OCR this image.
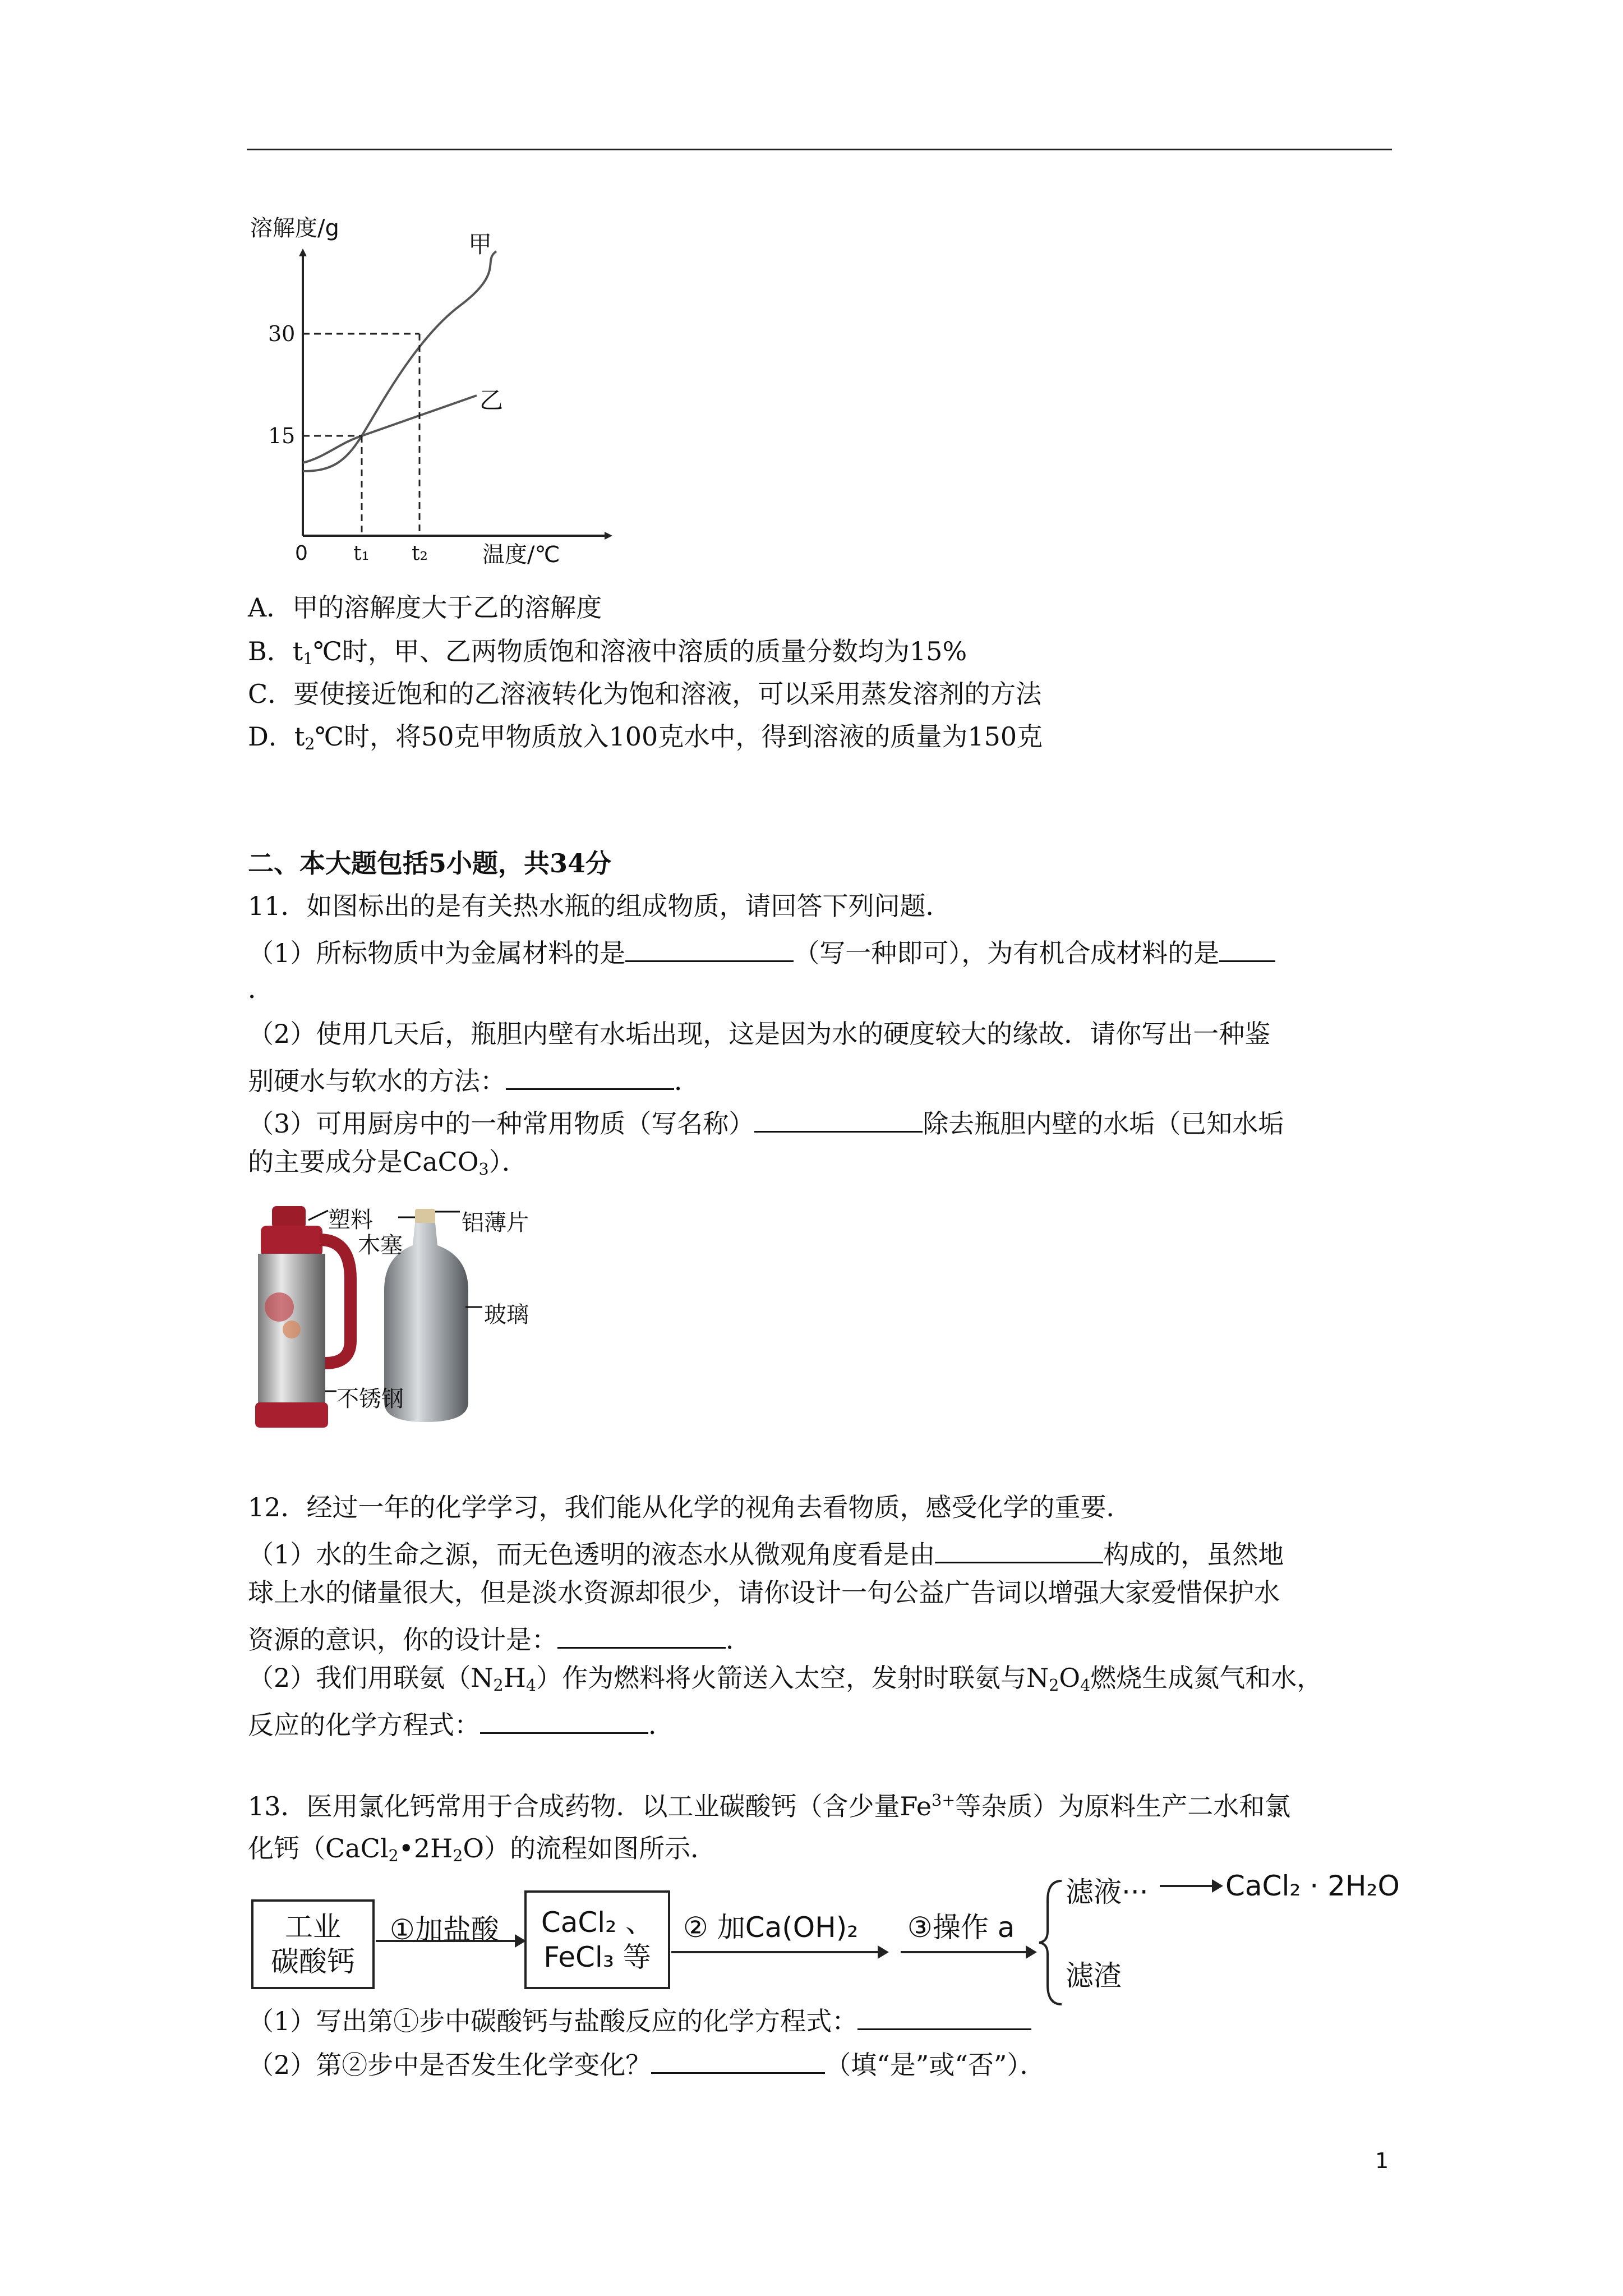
溶解度/g
温度/℃
0
30
15
t₁ t₂
甲
乙
A．甲的溶解度大于乙的溶解度
B．$t_1℃$时，甲、乙两物质饱和溶液中溶质的质量分数均为15%
C．要使接近饱和的乙溶液转化为饱和溶液，可以采用蒸发溶剂的方法
D．$t_2℃$时，将50克甲物质放入100克水中，得到溶液的质量为150克
二、本大题包括5小题，共34分
11．如图标出的是有关热水瓶的组成物质，请回答下列问题．
（1）所标物质中为金属材料的是	（写一种即可），为有机合成材料的是
．
（2）使用几天后，瓶胆内壁有水垢出现，这是因为水的硬度较大的缘故．请你写出一种鉴
别硬水与软水的方法：	．
（3）可用厨房中的一种常用物质（写名称）	除去瓶胆内壁的水垢（已知水垢
的主要成分是CaCO$_3$）．
塑料
木塞
铝薄片
玻璃
不锈钢
12．经过一年的化学学习，我们能从化学的视角去看物质，感受化学的重要．
（1）水的生命之源，而无色透明的液态水从微观角度看是由	构成的，虽然地
球上水的储量很大，但是淡水资源却很少，请你设计一句公益广告词以增强大家爱惜保护水
资源的意识，你的设计是：	．
（2）我们用联氨$(N_2H_4)$作为燃料将火箭送入太空，发射时联氨与$N_2O_4$燃烧生成氮气和水，
反应的化学方程式：	．
13．医用氯化钙常用于合成药物．以工业碳酸钙（含少量$Fe^{3+}$等杂质）为原料生产二水和氯
化钙$(CaCl_2•2H_2O)$的流程如图所示．
工业
碳酸钙
①加盐酸 CaCl₂ 、
FeCl₃ 等
② 加Ca(OH)₂ ③操作 a
滤液···	CaCl₂ · 2H₂O
滤渣
（1）写出第①步中碳酸钙与盐酸反应的化学方程式：
（2）第②步中是否发生化学变化？	（填“是”或“否”）．
1
